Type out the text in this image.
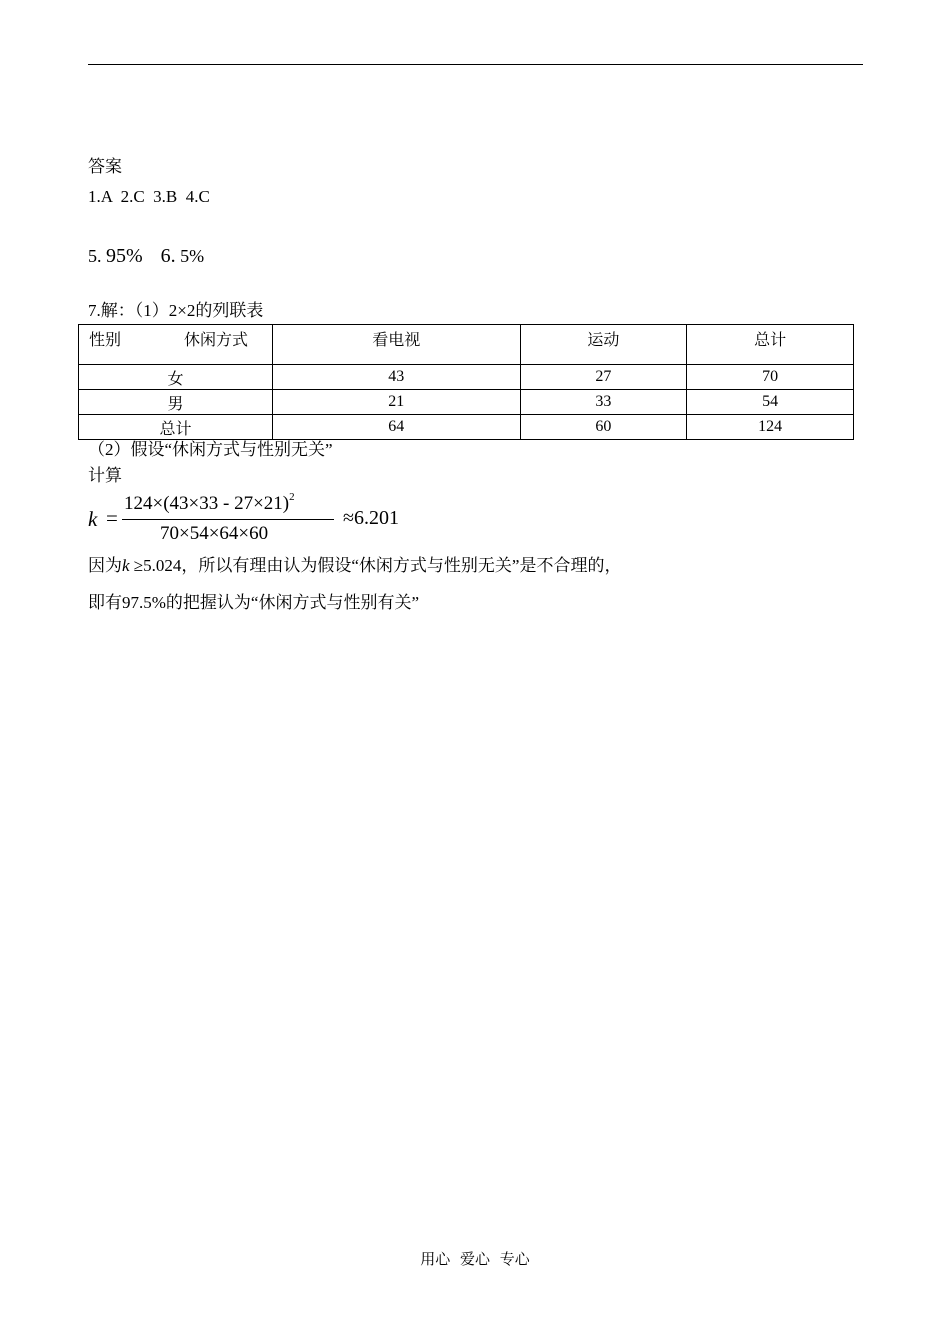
答案
1.A  2.C  3.B  4.C
5. 95% 6. 5%
7.解：（1）2×2的列联表
性别 休闲方式	看电视	运动	总计
女	43	27	70
男	21	33	54
总计	64	60	124
（2）假设“休闲方式与性别无关”
计算
k =
$124\times(43\times 33 - 27\times 21)^2$
70×54×64×60
≈6.201
因为k ≥5.024，所以有理由认为假设“休闲方式与性别无关”是不合理的，
即有97.5%的把握认为“休闲方式与性别有关”
用心 爱心 专心
